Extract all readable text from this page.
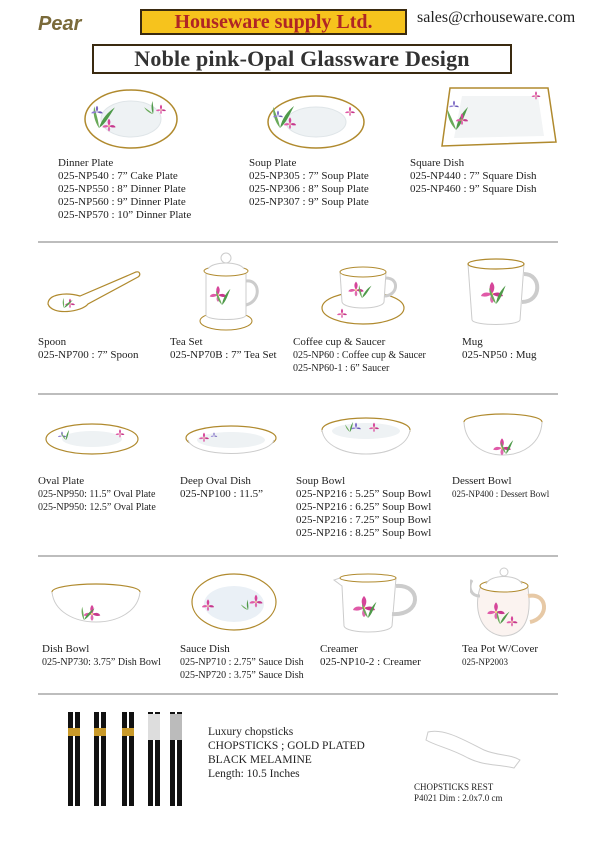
Pear	Houseware supply Ltd.	sales@crhouseware.com
Noble pink-Opal Glassware Design
Dinner Plate
025-NP540 : 7” Cake Plate
025-NP550 : 8” Dinner Plate
025-NP560 : 9” Dinner Plate
025-NP570 : 10” Dinner Plate
Soup Plate
025-NP305 : 7” Soup Plate
025-NP306 : 8” Soup Plate
025-NP307 : 9” Soup Plate
Square Dish
025-NP440 : 7” Square Dish
025-NP460 : 9” Square Dish
Spoon
025-NP700 : 7” Spoon
Tea Set
025-NP70B : 7” Tea Set
Coffee cup & Saucer
025-NP60 : Coffee cup & Saucer
025-NP60-1 : 6” Saucer
Mug
025-NP50 : Mug
Oval Plate
025-NP950: 11.5” Oval Plate
025-NP950: 12.5” Oval Plate
Deep Oval Dish
025-NP100 : 11.5”
Soup Bowl
025-NP216 : 5.25” Soup Bowl
025-NP216 : 6.25” Soup Bowl
025-NP216 : 7.25” Soup Bowl
025-NP216 : 8.25” Soup Bowl
Dessert Bowl
025-NP400 : Dessert Bowl
Dish Bowl
025-NP730: 3.75” Dish Bowl
Sauce Dish
025-NP710 : 2.75” Sauce Dish
025-NP720 : 3.75” Sauce Dish
Creamer
025-NP10-2 : Creamer
Tea Pot W/Cover
025-NP2003
Luxury chopsticks
CHOPSTICKS ; GOLD PLATED
BLACK MELAMINE
Length: 10.5 Inches
CHOPSTICKS REST
P4021 Dim : 2.0x7.0 cm
